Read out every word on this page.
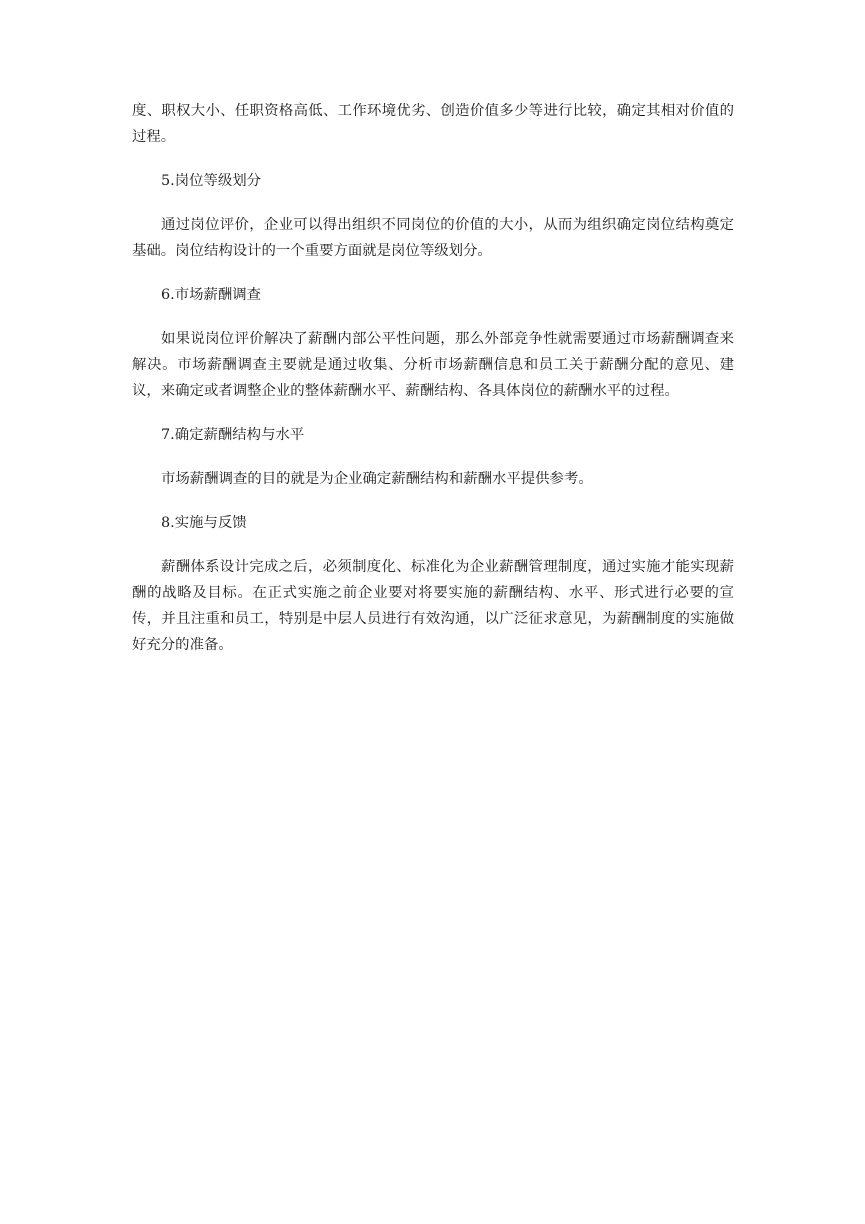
度、职权大小、任职资格高低、工作环境优劣、创造价值多少等进行比较，确定其相对价值的过程。

5.岗位等级划分

通过岗位评价，企业可以得出组织不同岗位的价值的大小，从而为组织确定岗位结构奠定基础。岗位结构设计的一个重要方面就是岗位等级划分。

6.市场薪酬调查

如果说岗位评价解决了薪酬内部公平性问题，那么外部竞争性就需要通过市场薪酬调查来解决。市场薪酬调查主要就是通过收集、分析市场薪酬信息和员工关于薪酬分配的意见、建议，来确定或者调整企业的整体薪酬水平、薪酬结构、各具体岗位的薪酬水平的过程。

7.确定薪酬结构与水平

市场薪酬调查的目的就是为企业确定薪酬结构和薪酬水平提供参考。

8.实施与反馈

薪酬体系设计完成之后，必须制度化、标准化为企业薪酬管理制度，通过实施才能实现薪酬的战略及目标。在正式实施之前企业要对将要实施的薪酬结构、水平、形式进行必要的宣传，并且注重和员工，特别是中层人员进行有效沟通，以广泛征求意见，为薪酬制度的实施做好充分的准备。
